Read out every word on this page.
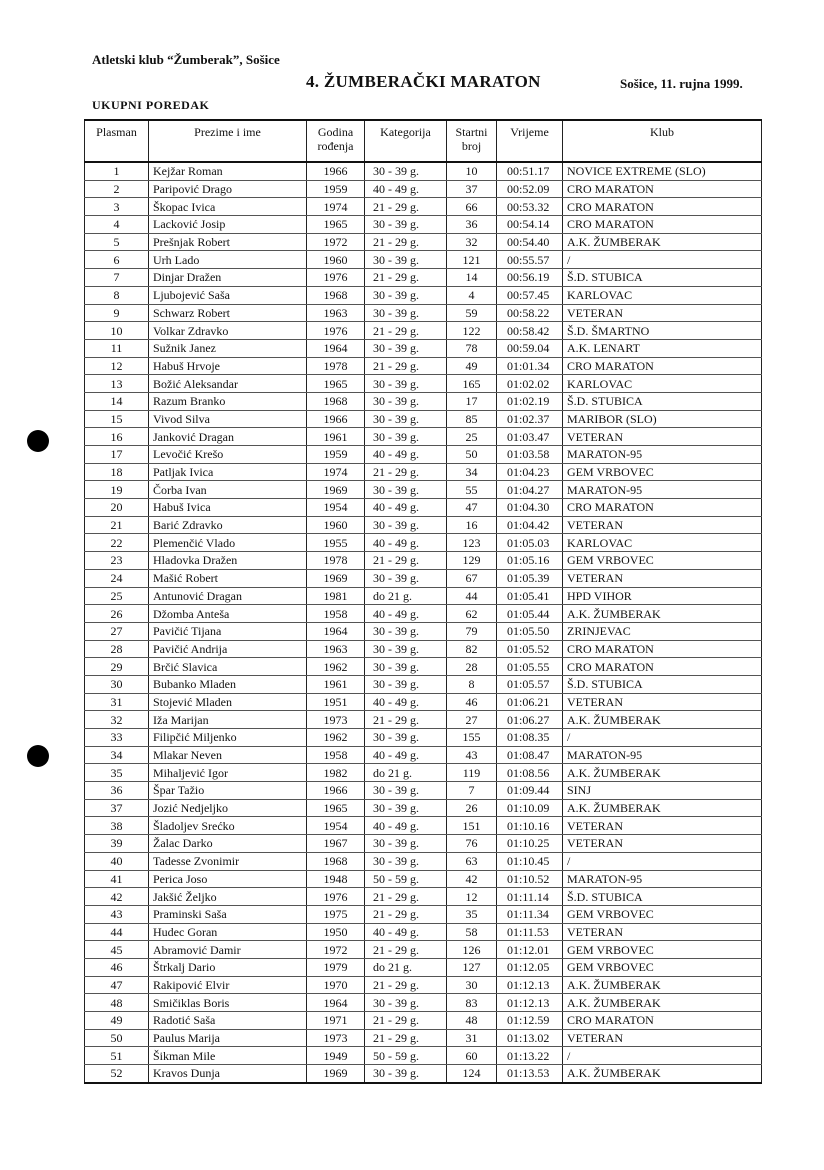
Atletski klub “Žumberak”, Sošice
4. ŽUMBERAČKI MARATON	Sošice, 11. rujna 1999.
UKUPNI POREDAK
Plasman	Prezime i ime	Godina rođenja	Kategorija	Startni broj	Vrijeme	Klub
1	Kejžar Roman	1966	30 - 39 g.	10	00:51.17	NOVICE EXTREME (SLO)
2	Paripović Drago	1959	40 - 49 g.	37	00:52.09	CRO MARATON
3	Škopac Ivica	1974	21 - 29 g.	66	00:53.32	CRO MARATON
4	Lacković Josip	1965	30 - 39 g.	36	00:54.14	CRO MARATON
5	Prešnjak Robert	1972	21 - 29 g.	32	00:54.40	A.K. ŽUMBERAK
6	Urh Lado	1960	30 - 39 g.	121	00:55.57	/
7	Dinjar Dražen	1976	21 - 29 g.	14	00:56.19	Š.D. STUBICA
8	Ljubojević Saša	1968	30 - 39 g.	4	00:57.45	KARLOVAC
9	Schwarz Robert	1963	30 - 39 g.	59	00:58.22	VETERAN
10	Volkar Zdravko	1976	21 - 29 g.	122	00:58.42	Š.D. ŠMARTNO
11	Sužnik Janez	1964	30 - 39 g.	78	00:59.04	A.K. LENART
12	Habuš Hrvoje	1978	21 - 29 g.	49	01:01.34	CRO MARATON
13	Božić Aleksandar	1965	30 - 39 g.	165	01:02.02	KARLOVAC
14	Razum Branko	1968	30 - 39 g.	17	01:02.19	Š.D. STUBICA
15	Vivod Silva	1966	30 - 39 g.	85	01:02.37	MARIBOR (SLO)
16	Janković Dragan	1961	30 - 39 g.	25	01:03.47	VETERAN
17	Levočić Krešo	1959	40 - 49 g.	50	01:03.58	MARATON-95
18	Patljak Ivica	1974	21 - 29 g.	34	01:04.23	GEM VRBOVEC
19	Čorba Ivan	1969	30 - 39 g.	55	01:04.27	MARATON-95
20	Habuš Ivica	1954	40 - 49 g.	47	01:04.30	CRO MARATON
21	Barić Zdravko	1960	30 - 39 g.	16	01:04.42	VETERAN
22	Plemenčić Vlado	1955	40 - 49 g.	123	01:05.03	KARLOVAC
23	Hladovka Dražen	1978	21 - 29 g.	129	01:05.16	GEM VRBOVEC
24	Mašić Robert	1969	30 - 39 g.	67	01:05.39	VETERAN
25	Antunović Dragan	1981	do 21 g.	44	01:05.41	HPD VIHOR
26	Džomba Anteša	1958	40 - 49 g.	62	01:05.44	A.K. ŽUMBERAK
27	Pavičić Tijana	1964	30 - 39 g.	79	01:05.50	ZRINJEVAC
28	Pavičić Andrija	1963	30 - 39 g.	82	01:05.52	CRO MARATON
29	Brčić Slavica	1962	30 - 39 g.	28	01:05.55	CRO MARATON
30	Bubanko Mladen	1961	30 - 39 g.	8	01:05.57	Š.D. STUBICA
31	Stojević Mladen	1951	40 - 49 g.	46	01:06.21	VETERAN
32	Iža Marijan	1973	21 - 29 g.	27	01:06.27	A.K. ŽUMBERAK
33	Filipčić Miljenko	1962	30 - 39 g.	155	01:08.35	/
34	Mlakar Neven	1958	40 - 49 g.	43	01:08.47	MARATON-95
35	Mihaljević Igor	1982	do 21 g.	119	01:08.56	A.K. ŽUMBERAK
36	Špar Tažio	1966	30 - 39 g.	7	01:09.44	SINJ
37	Jozić Nedjeljko	1965	30 - 39 g.	26	01:10.09	A.K. ŽUMBERAK
38	Šladoljev Srećko	1954	40 - 49 g.	151	01:10.16	VETERAN
39	Žalac Darko	1967	30 - 39 g.	76	01:10.25	VETERAN
40	Tadesse Zvonimir	1968	30 - 39 g.	63	01:10.45	/
41	Perica Joso	1948	50 - 59 g.	42	01:10.52	MARATON-95
42	Jakšić Željko	1976	21 - 29 g.	12	01:11.14	Š.D. STUBICA
43	Praminski Saša	1975	21 - 29 g.	35	01:11.34	GEM VRBOVEC
44	Hudec Goran	1950	40 - 49 g.	58	01:11.53	VETERAN
45	Abramović Damir	1972	21 - 29 g.	126	01:12.01	GEM VRBOVEC
46	Štrkalj Dario	1979	do 21 g.	127	01:12.05	GEM VRBOVEC
47	Rakipović Elvir	1970	21 - 29 g.	30	01:12.13	A.K. ŽUMBERAK
48	Smičiklas Boris	1964	30 - 39 g.	83	01:12.13	A.K. ŽUMBERAK
49	Radotić Saša	1971	21 - 29 g.	48	01:12.59	CRO MARATON
50	Paulus Marija	1973	21 - 29 g.	31	01:13.02	VETERAN
51	Šikman Mile	1949	50 - 59 g.	60	01:13.22	/
52	Kravos Dunja	1969	30 - 39 g.	124	01:13.53	A.K. ŽUMBERAK
